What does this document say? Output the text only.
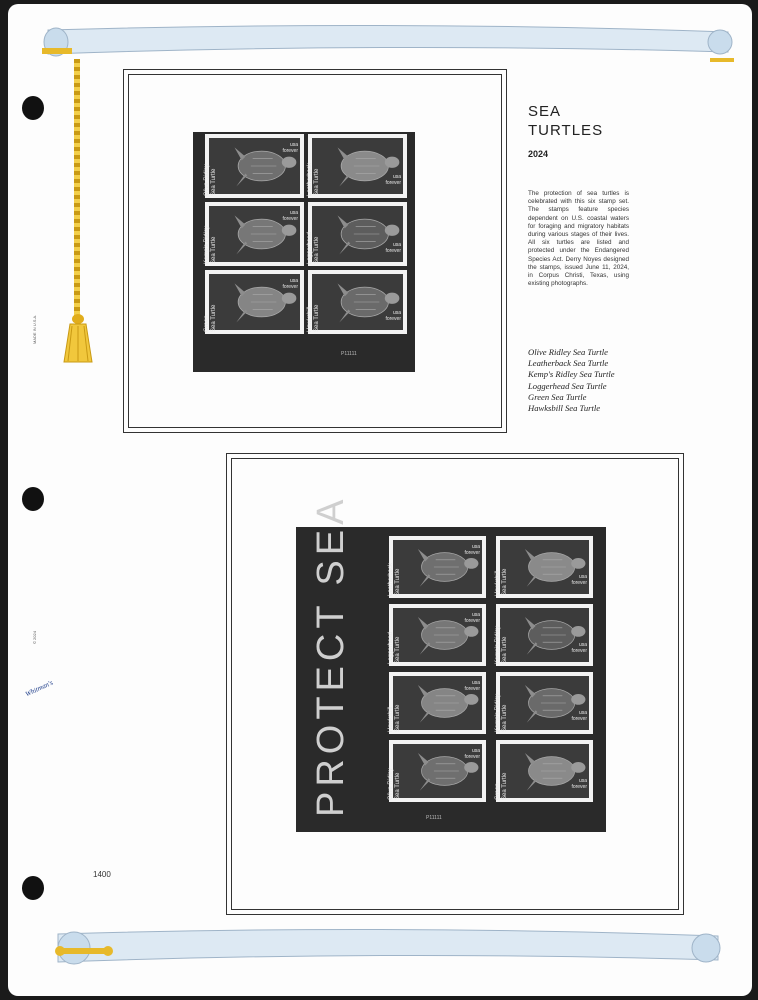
MADE IN U.S.A.
© 2024
Whitman's
P11111
Olive Ridley Sea Turtle
usa
forever
Leatherback Sea Turtle	usa
forever
Kemp's Ridley Sea Turtle
usa
forever
Loggerhead Sea Turtle	usa
forever
Green Sea Turtle
usa
forever
Hawksbill Sea Turtle	usa
forever
SEA
TURTLES
2024
The protection of sea turtles is celebrated with this six stamp set. The stamps feature species dependent on U.S. coastal waters for foraging and migratory habitats during various stages of their lives. All six turtles are listed and protected under the Endangered Species Act. Derry Noyes designed the stamps, issued June 11, 2024, in Corpus Christi, Texas, using existing photographs.
Olive Ridley Sea Turtle
Leatherback Sea Turtle
Kemp's Ridley Sea Turtle
Loggerhead Sea Turtle
Green Sea Turtle
Hawksbill Sea Turtle
PROTECT SEA
P11111
Leatherback Sea Turtle
usa
forever
Hawksbill Sea Turtle	usa
forever
Loggerhead Sea Turtle
usa
forever
Kemp's Ridley Sea Turtle	usa
forever
Hawksbill Sea Turtle
usa
forever
Kemp's Ridley Sea Turtle	usa
forever
Olive Ridley Sea Turtle
usa
forever
Green Sea Turtle	usa
forever
1400
